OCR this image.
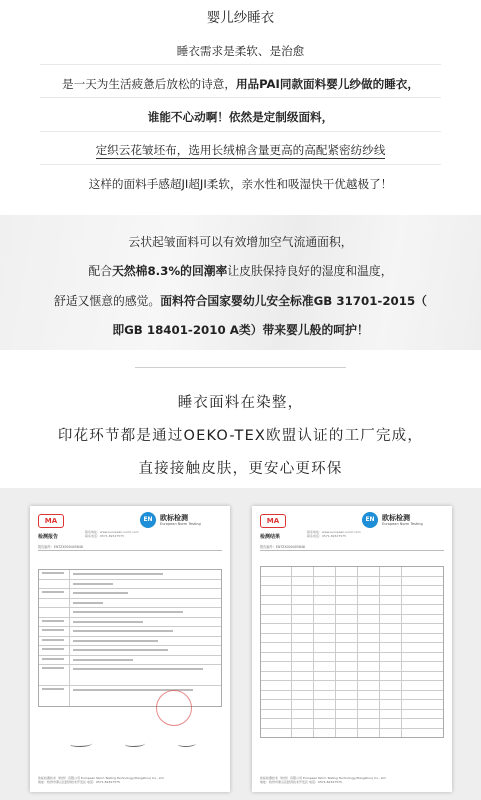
婴儿纱睡衣
睡衣需求是柔软、是治愈
是一天为生活疲惫后放松的诗意，用品PAI同款面料婴儿纱做的睡衣，
谁能不心动啊！依然是定制级面料，
定织云花皱坯布，选用长绒棉含量更高的高配紧密纺纱线
这样的面料手感超JI超JI柔软，亲水性和吸湿快干优越极了！
云状起皱面料可以有效增加空气流通面积，
配合天然棉8.3%的回潮率让皮肤保持良好的湿度和温度，
舒适又惬意的感觉。面料符合国家婴幼儿安全标准GB 31701-2015（
即GB 18401-2010 A类）带来婴儿般的呵护！
睡衣面料在染整，
印花环节都是通过OEKO-TEX欧盟认证的工厂完成，
直接接触皮肤，更安心更环保
MA	EN	欧标检测
European Norm Testing
检测报告
联系地址：www.european-norm.com
联系电话：0571-82327575
报告编号：ENTZX000405848
欧标检测技术（杭州）有限公司 European Norm Testing Technology(Hangzhou) Co., Ltd
地址：杭州市萧山区经济技术开发区 电话：0571-82327575
MA	EN	欧标检测
European Norm Testing
检测结果
联系地址：www.european-norm.com
联系电话：0571-82327575
报告编号：ENTZX000405848
欧标检测技术（杭州）有限公司 European Norm Testing Technology(Hangzhou) Co., Ltd
地址：杭州市萧山区经济技术开发区 电话：0571-82327575
